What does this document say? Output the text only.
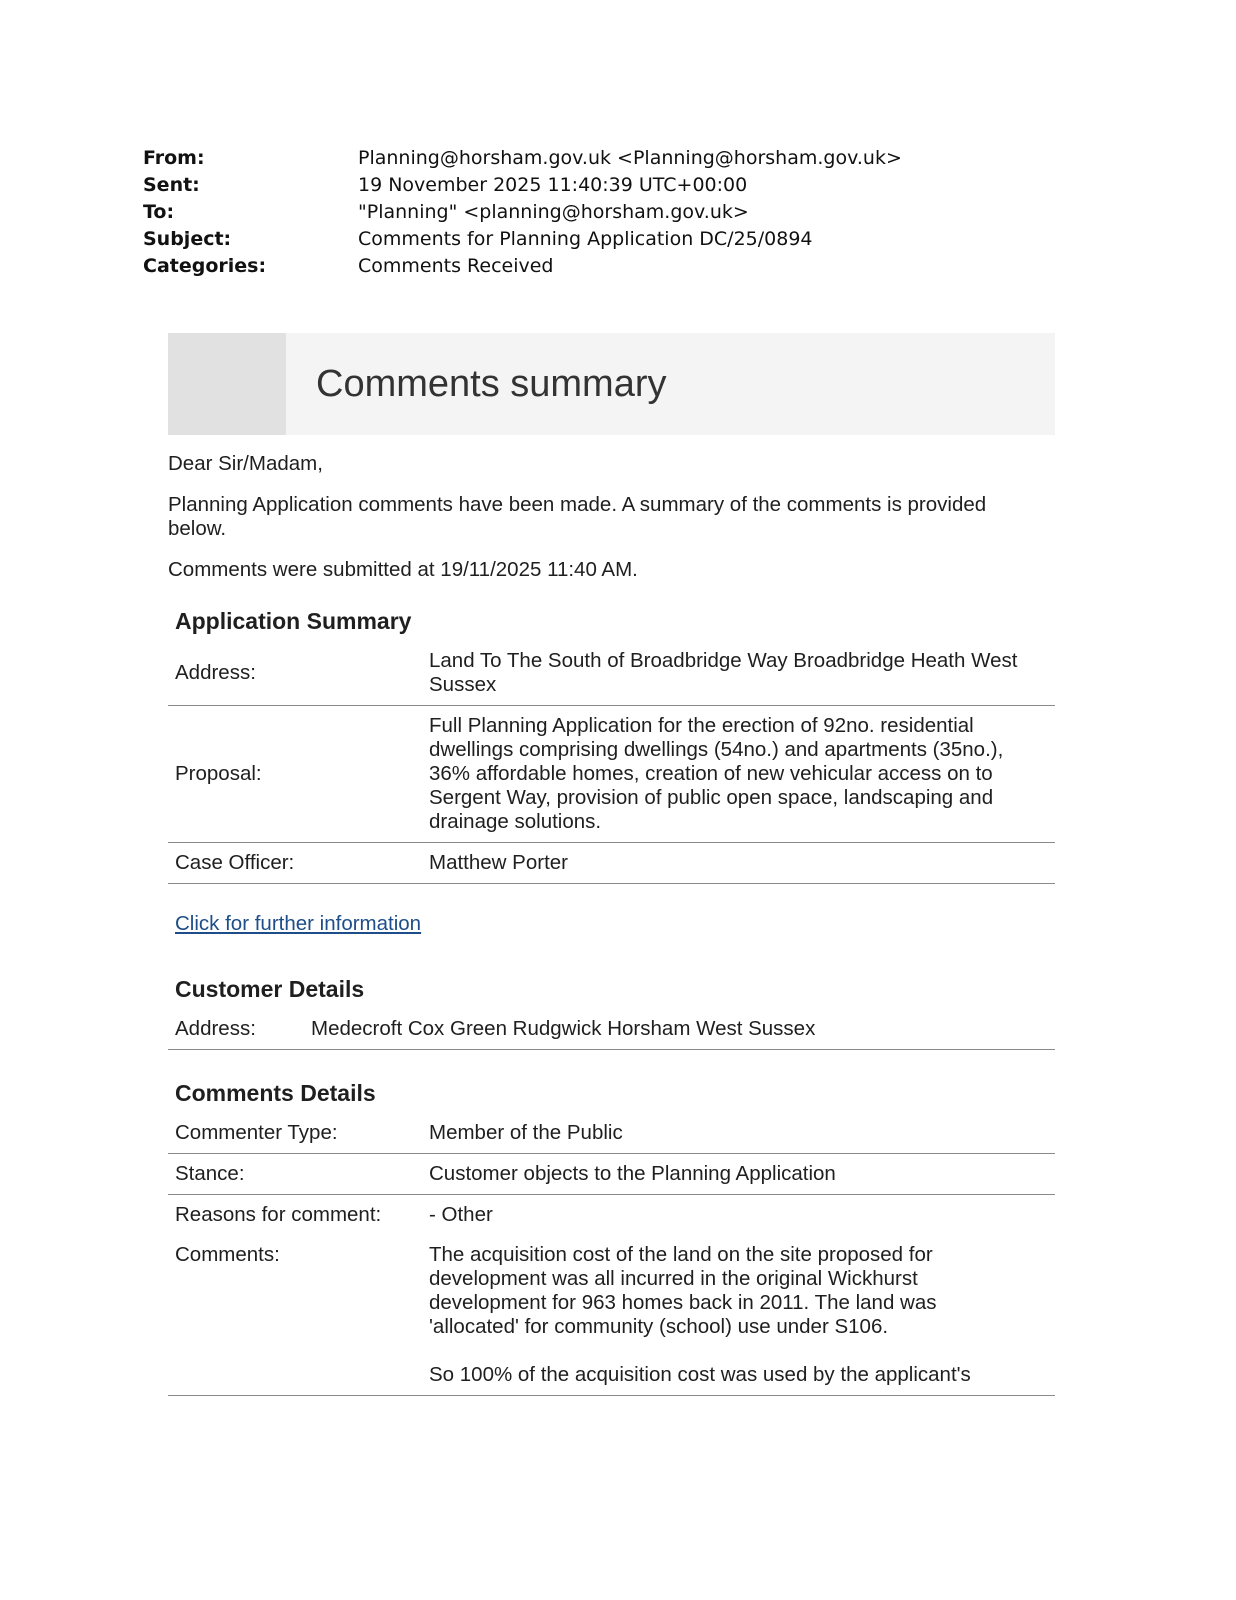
From:	Planning@horsham.gov.uk <Planning@horsham.gov.uk>
Sent:	19 November 2025 11:40:39 UTC+00:00
To:	"Planning" <planning@horsham.gov.uk>
Subject:	Comments for Planning Application DC/25/0894
Categories:	Comments Received
Comments summary

Dear Sir/Madam,

Planning Application comments have been made. A summary of the comments is provided below.

Comments were submitted at 19/11/2025 11:40 AM.

Application Summary
Address:	Land To The South of Broadbridge Way Broadbridge Heath West Sussex
Proposal:	Full Planning Application for the erection of 92no. residential dwellings comprising dwellings (54no.) and apartments (35no.), 36% affordable homes, creation of new vehicular access on to Sergent Way, provision of public open space, landscaping and drainage solutions.
Case Officer:	Matthew Porter
Click for further information
Customer Details
Address:	Medecroft Cox Green Rudgwick Horsham West Sussex
Comments Details
Commenter Type:	Member of the Public
Stance:	Customer objects to the Planning Application
Reasons for comment:	- Other
Comments:	The acquisition cost of the land on the site proposed for development was all incurred in the original Wickhurst development for 963 homes back in 2011. The land was 'allocated' for community (school) use under S106.
So 100% of the acquisition cost was used by the applicant's
